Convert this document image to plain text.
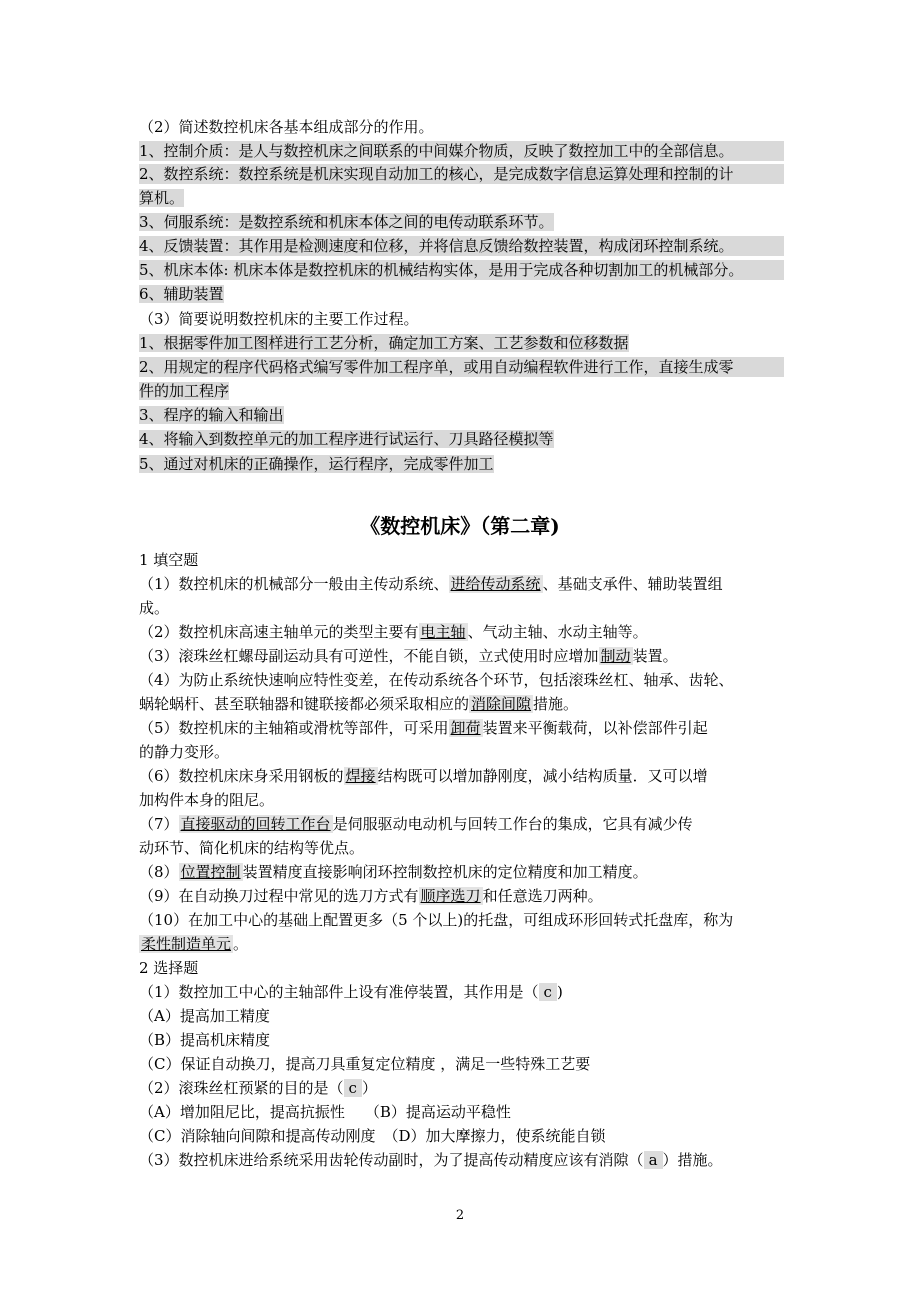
（2）简述数控机床各基本组成部分的作用。
1、控制介质：是人与数控机床之间联系的中间媒介物质，反映了数控加工中的全部信息。
2、数控系统：数控系统是机床实现自动加工的核心，是完成数字信息运算处理和控制的计
算机。
3、伺服系统：是数控系统和机床本体之间的电传动联系环节。
4、反馈装置：其作用是检测速度和位移，并将信息反馈给数控装置，构成闭环控制系统。
5、机床本体: 机床本体是数控机床的机械结构实体，是用于完成各种切割加工的机械部分。
6、辅助装置
（3）简要说明数控机床的主要工作过程。
1、根据零件加工图样进行工艺分析，确定加工方案、工艺参数和位移数据
2、用规定的程序代码格式编写零件加工程序单，或用自动编程软件进行工作，直接生成零
件的加工程序
3、程序的输入和输出
4、将输入到数控单元的加工程序进行试运行、刀具路径模拟等
5、通过对机床的正确操作，运行程序，完成零件加工
《数控机床》（第二章)
1 填空题
（1）数控机床的机械部分一般由主传动系统、 进给传动系统 、基础支承件、辅助装置组
成。
（2）数控机床高速主轴单元的类型主要有 电主轴 、气动主轴、水动主轴等。
（3）滚珠丝杠螺母副运动具有可逆性，不能自锁，立式使用时应增加 制动 装置。
（4）为防止系统快速响应特性变差，在传动系统各个环节，包括滚珠丝杠、轴承、齿轮、
蜗轮蜗杆、甚至联轴器和键联接都必须采取相应的 消除间隙 措施。
（5）数控机床的主轴箱或滑枕等部件，可采用 卸荷 装置来平衡载荷，以补偿部件引起
的静力变形。
（6）数控机床床身采用钢板的 焊接 结构既可以增加静刚度，减小结构质量．又可以增
加构件本身的阻尼。
（7） 直接驱动的回转工作台 是伺服驱动电动机与回转工作台的集成，它具有减少传
动环节、简化机床的结构等优点。
（8） 位置控制 装置精度直接影响闭环控制数控机床的定位精度和加工精度。
（9）在自动换刀过程中常见的选刀方式有 顺序选刀 和任意选刀两种。
（10）在加工中心的基础上配置更多（5 个以上)的托盘，可组成环形回转式托盘库，称为
柔性制造单元 。
2 选择题
（1）数控加工中心的主轴部件上设有准停装置，其作用是（ c )
（A）提高加工精度
（B）提高机床精度
（C）保证自动换刀，提高刀具重复定位精度 ，满足一些特殊工艺要
（2）滚珠丝杠预紧的目的是（ c ）
（A）增加阻尼比，提高抗振性 （B）提高运动平稳性
（C）消除轴向间隙和提高传动刚度 （D）加大摩擦力，使系统能自锁
（3）数控机床进给系统采用齿轮传动副时，为了提高传动精度应该有消隙（ a ）措施。
2
